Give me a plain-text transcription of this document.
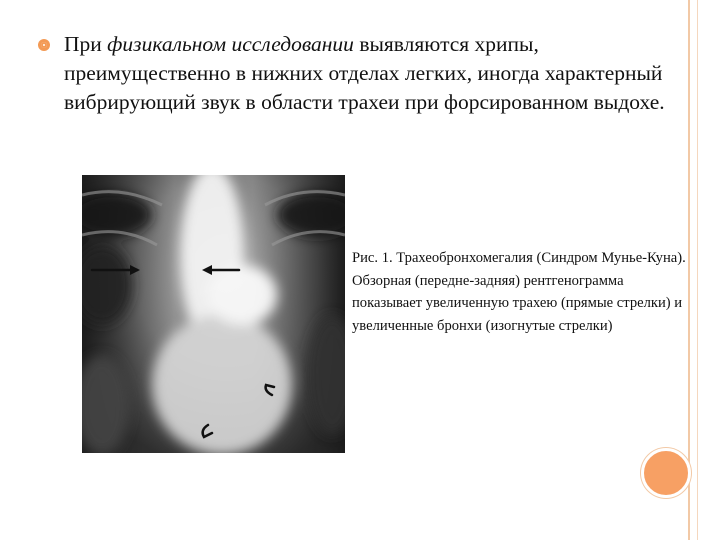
При физикальном исследовании выявляются хрипы, преимущественно в нижних отделах легких, иногда характерный вибрирующий звук в области трахеи при форсированном выдохе.
Рис. 1. Трахеобронхомегалия (Синдром Мунье-Куна). Обзорная (передне-задняя) рентгенограмма показывает увеличенную трахею (прямые стрелки) и увеличенные бронхи (изогнутые стрелки)
